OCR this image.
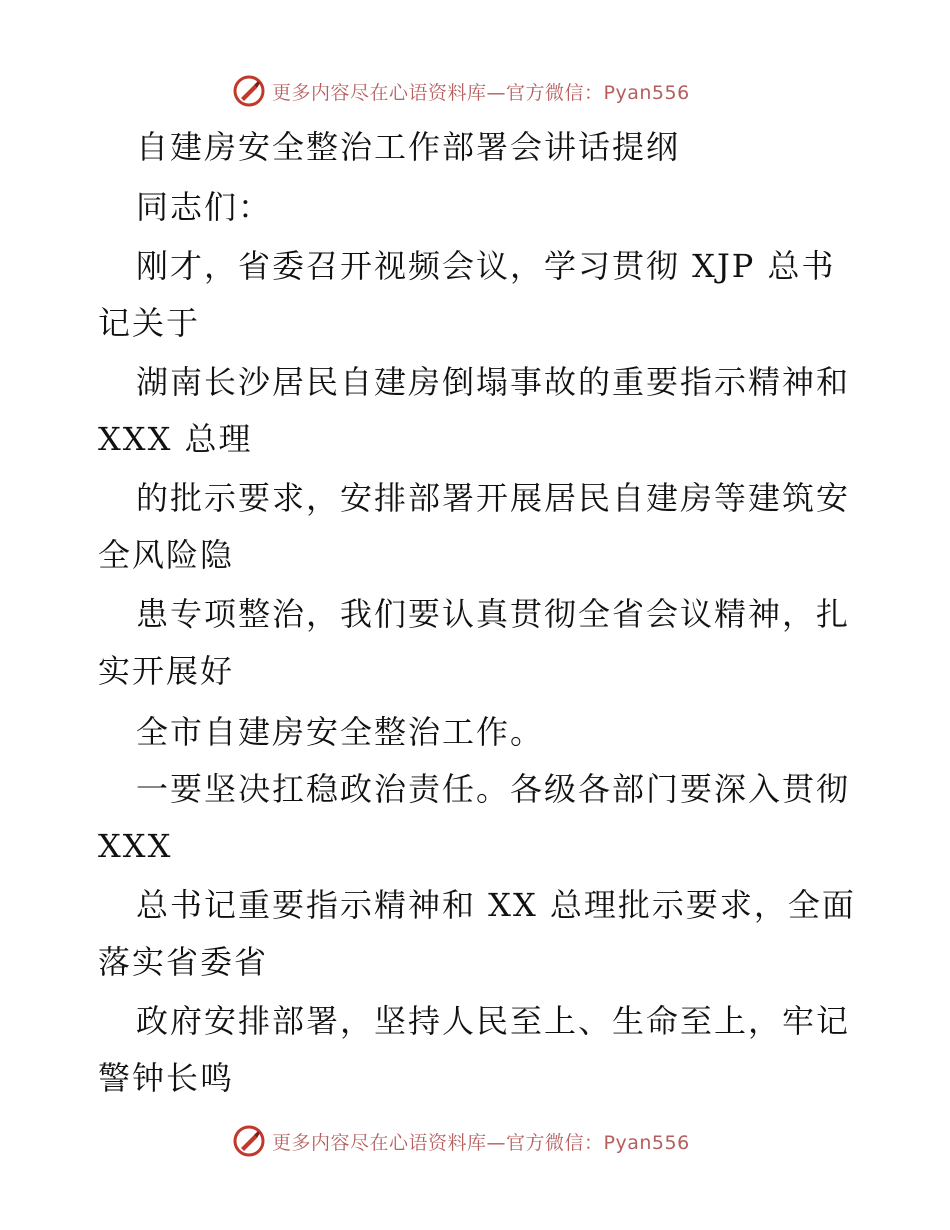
更多内容尽在心语资料库—官方微信：Pyan556
自建房安全整治工作部署会讲话提纲
同志们：
刚才，省委召开视频会议，学习贯彻 XJP 总书
记关于
湖南长沙居民自建房倒塌事故的重要指示精神和
XXX 总理
的批示要求，安排部署开展居民自建房等建筑安
全风险隐
患专项整治，我们要认真贯彻全省会议精神，扎
实开展好
全市自建房安全整治工作。
一要坚决扛稳政治责任。各级各部门要深入贯彻
XXX
总书记重要指示精神和 XX 总理批示要求，全面
落实省委省
政府安排部署，坚持人民至上、生命至上，牢记
警钟长鸣
更多内容尽在心语资料库—官方微信：Pyan556
